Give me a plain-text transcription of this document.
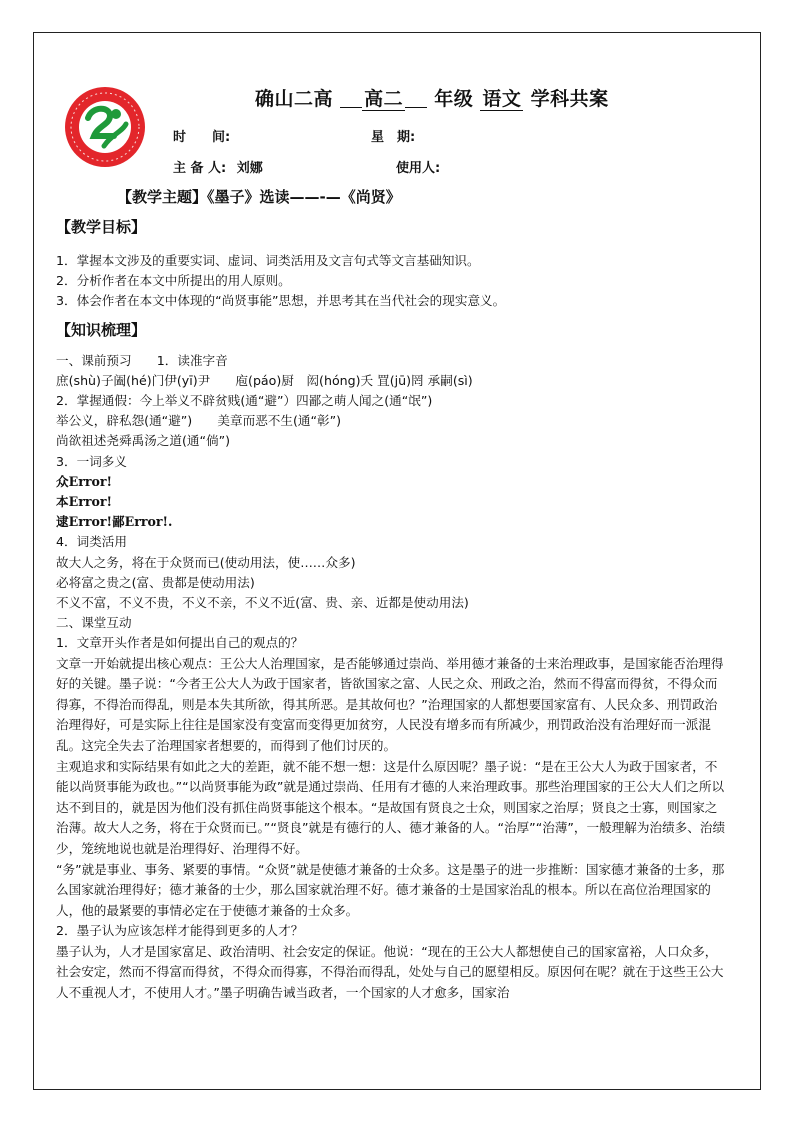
确山二高 高二 年级 语文 学科共案
时　　间:	星　期:
主 备 人: 刘娜	使用人:
【教学主题】《墨子》选读——-—《尚贤》
【教学目标】
1．掌握本文涉及的重要实词、虚词、词类活用及文言句式等文言基础知识。
2．分析作者在本文中所提出的用人原则。
3．体会作者在本文中体现的“尚贤事能”思想，并思考其在当代社会的现实意义。
【知识梳理】
一、课前预习　　1．读准字音
庶(shù)子阖(hé)门伊(yī)尹　　庖(páo)厨　闳(hóng)夭 罝(jū)罔 承嗣(sì)
2．掌握通假：今上举义不辟贫贱(通“避”）四鄙之萌人闻之(通“氓”)
举公义，辟私怨(通“避”)　　美章而恶不生(通“彰”)
尚欲祖述尧舜禹汤之道(通“倘”)
3．一词多义
众Error!
本Error!
逮Error!鄙Error!.
4．词类活用
故大人之务，将在于众贤而已(使动用法，使……众多)
必将富之贵之(富、贵都是使动用法)
不义不富，不义不贵，不义不亲，不义不近(富、贵、亲、近都是使动用法)
二、课堂互动
1．文章开头作者是如何提出自己的观点的？
文章一开始就提出核心观点：王公大人治理国家，是否能够通过崇尚、举用德才兼备的士来治理政事，是国家能否治理得好的关键。墨子说：“今者王公大人为政于国家者，皆欲国家之富、人民之众、刑政之治，然而不得富而得贫，不得众而得寡，不得治而得乱，则是本失其所欲，得其所恶。是其故何也？”治理国家的人都想要国家富有、人民众多、刑罚政治治理得好，可是实际上往往是国家没有变富而变得更加贫穷，人民没有增多而有所减少，刑罚政治没有治理好而一派混乱。这完全失去了治理国家者想要的，而得到了他们讨厌的。
主观追求和实际结果有如此之大的差距，就不能不想一想：这是什么原因呢？墨子说：“是在王公大人为政于国家者，不能以尚贤事能为政也。”“以尚贤事能为政”就是通过崇尚、任用有才德的人来治理政事。那些治理国家的王公大人们之所以达不到目的，就是因为他们没有抓住尚贤事能这个根本。“是故国有贤良之士众，则国家之治厚；贤良之士寡，则国家之治薄。故大人之务，将在于众贤而已。”“贤良”就是有德行的人、德才兼备的人。“治厚”“治薄”，一般理解为治绩多、治绩少，笼统地说也就是治理得好、治理得不好。
“务”就是事业、事务、紧要的事情。“众贤”就是使德才兼备的士众多。这是墨子的进一步推断：国家德才兼备的士多，那么国家就治理得好；德才兼备的士少，那么国家就治理不好。德才兼备的士是国家治乱的根本。所以在高位治理国家的人，他的最紧要的事情必定在于使德才兼备的士众多。
2．墨子认为应该怎样才能得到更多的人才？
墨子认为，人才是国家富足、政治清明、社会安定的保证。他说：“现在的王公大人都想使自己的国家富裕，人口众多，社会安定，然而不得富而得贫，不得众而得寡，不得治而得乱，处处与自己的愿望相反。原因何在呢？就在于这些王公大人不重视人才，不使用人才。”墨子明确告诫当政者，一个国家的人才愈多，国家治
